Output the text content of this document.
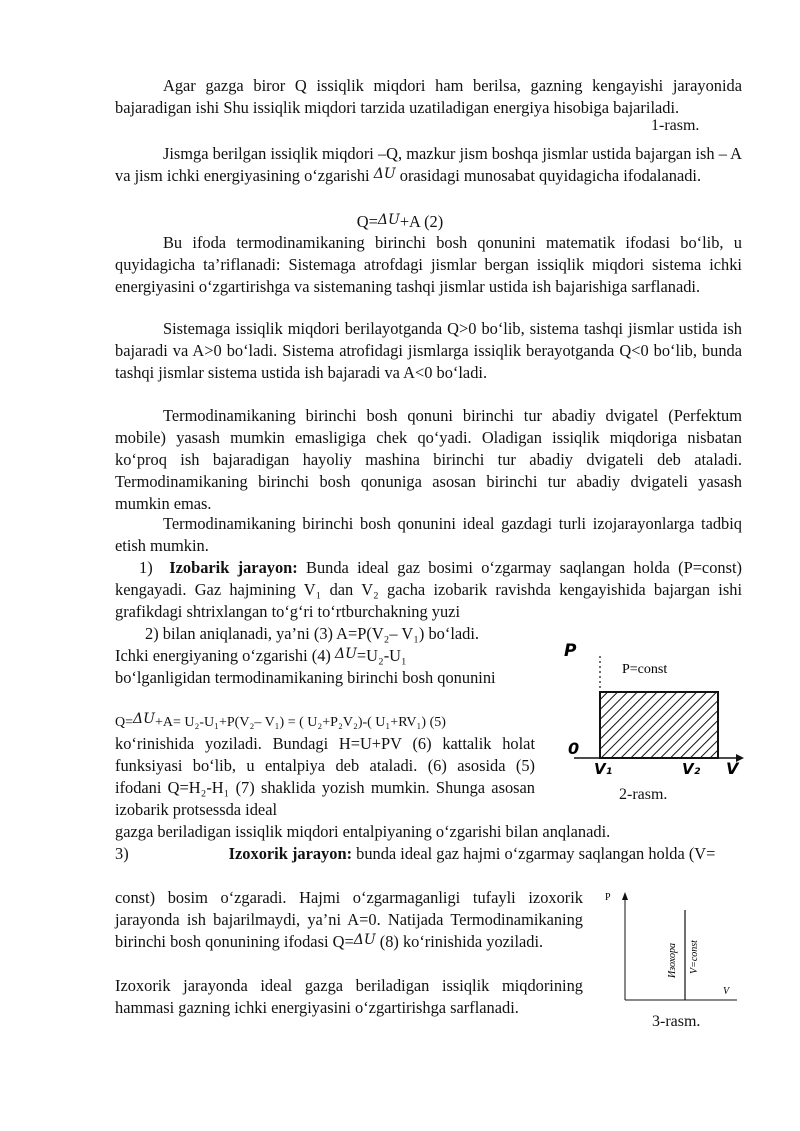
Agar gazga biror Q issiqlik miqdori ham berilsa, gazning kengayishi jarayonida bajaradigan ishi Shu issiqlik miqdori tarzida uzatiladigan energiya hisobiga bajariladi.

1-rasm.

Jismga berilgan issiqlik miqdori –Q, mazkur jism boshqa jismlar ustida bajargan ish – A va jism ichki energiyasining o‘zgarishi ΔU orasidagi munosabat quyidagicha ifodalanadi.

Q=ΔU+A (2)

Bu ifoda termodinamikaning birinchi bosh qonunini matematik ifodasi bo‘lib, u quyidagicha ta’riflanadi: Sistemaga atrofdagi jismlar bergan issiqlik miqdori sistema ichki energiyasini o‘zgartirishga va sistemaning tashqi jismlar ustida ish bajarishiga sarflanadi.

Sistemaga issiqlik miqdori berilayotganda Q>0 bo‘lib, sistema tashqi jismlar ustida ish bajaradi va A>0 bo‘ladi. Sistema atrofidagi jismlarga issiqlik berayotganda Q<0 bo‘lib, bunda tashqi jismlar sistema ustida ish bajaradi va A<0 bo‘ladi.

Termodinamikaning birinchi bosh qonuni birinchi tur abadiy dvigatel (Perfektum mobile) yasash mumkin emasligiga chek qo‘yadi. Oladigan issiqlik miqdoriga nisbatan ko‘proq ish bajaradigan hayoliy mashina birinchi tur abadiy dvigateli deb ataladi. Termodinamikaning birinchi bosh qonuniga asosan birinchi tur abadiy dvigateli yasash mumkin emas.

Termodinamikaning birinchi bosh qonunini ideal gazdagi turli izojarayonlarga tadbiq etish mumkin.

1) Izobarik jarayon: Bunda ideal gaz bosimi o‘zgarmay saqlangan holda (P=const) kengayadi. Gaz hajmining V₁ dan V₂ gacha izobarik ravishda kengayishida bajargan ishi grafikdagi shtrixlangan to‘g‘ri to‘rtburchakning yuzi

2) bilan aniqlanadi, ya’ni (3) A=P(V₂– V₁) bo‘ladi.

Ichki energiyaning o‘zgarishi (4) ΔU=U₂-U₁

bo‘lganligidan termodinamikaning birinchi bosh qonunini

Q=ΔU+A= U₂-U₁+P(V₂– V₁) = ( U₂+P₂V₂)-( U₁+RV₁) (5)

ko‘rinishida yoziladi. Bundagi H=U+PV (6) kattalik holat funksiyasi bo‘lib, u entalpiya deb ataladi. (6) asosida (5) ifodani Q=H₂-H₁ (7) shaklida yozish mumkin. Shunga asosan izobarik protsessda ideal

gazga beriladigan issiqlik miqdori entalpiyaning o‘zgarishi bilan anqlanadi.

3)	Izoxorik jarayon: bunda ideal gaz hajmi o‘zgarmay saqlangan holda (V=

const) bosim o‘zgaradi. Hajmi o‘zgarmaganligi tufayli izoxorik jarayonda ish bajarilmaydi, ya’ni A=0. Natijada Termodinamikaning birinchi bosh qonunining ifodasi Q=ΔU (8) ko‘rinishida yoziladi.

Izoxorik jarayonda ideal gazga beriladigan issiqlik miqdorining hammasi gazning ichki energiyasini o‘zgartirishga sarflanadi.

P
P=const
0
V₁	V₂ V
2-rasm.
P
Изохора V=const
V
3-rasm.
